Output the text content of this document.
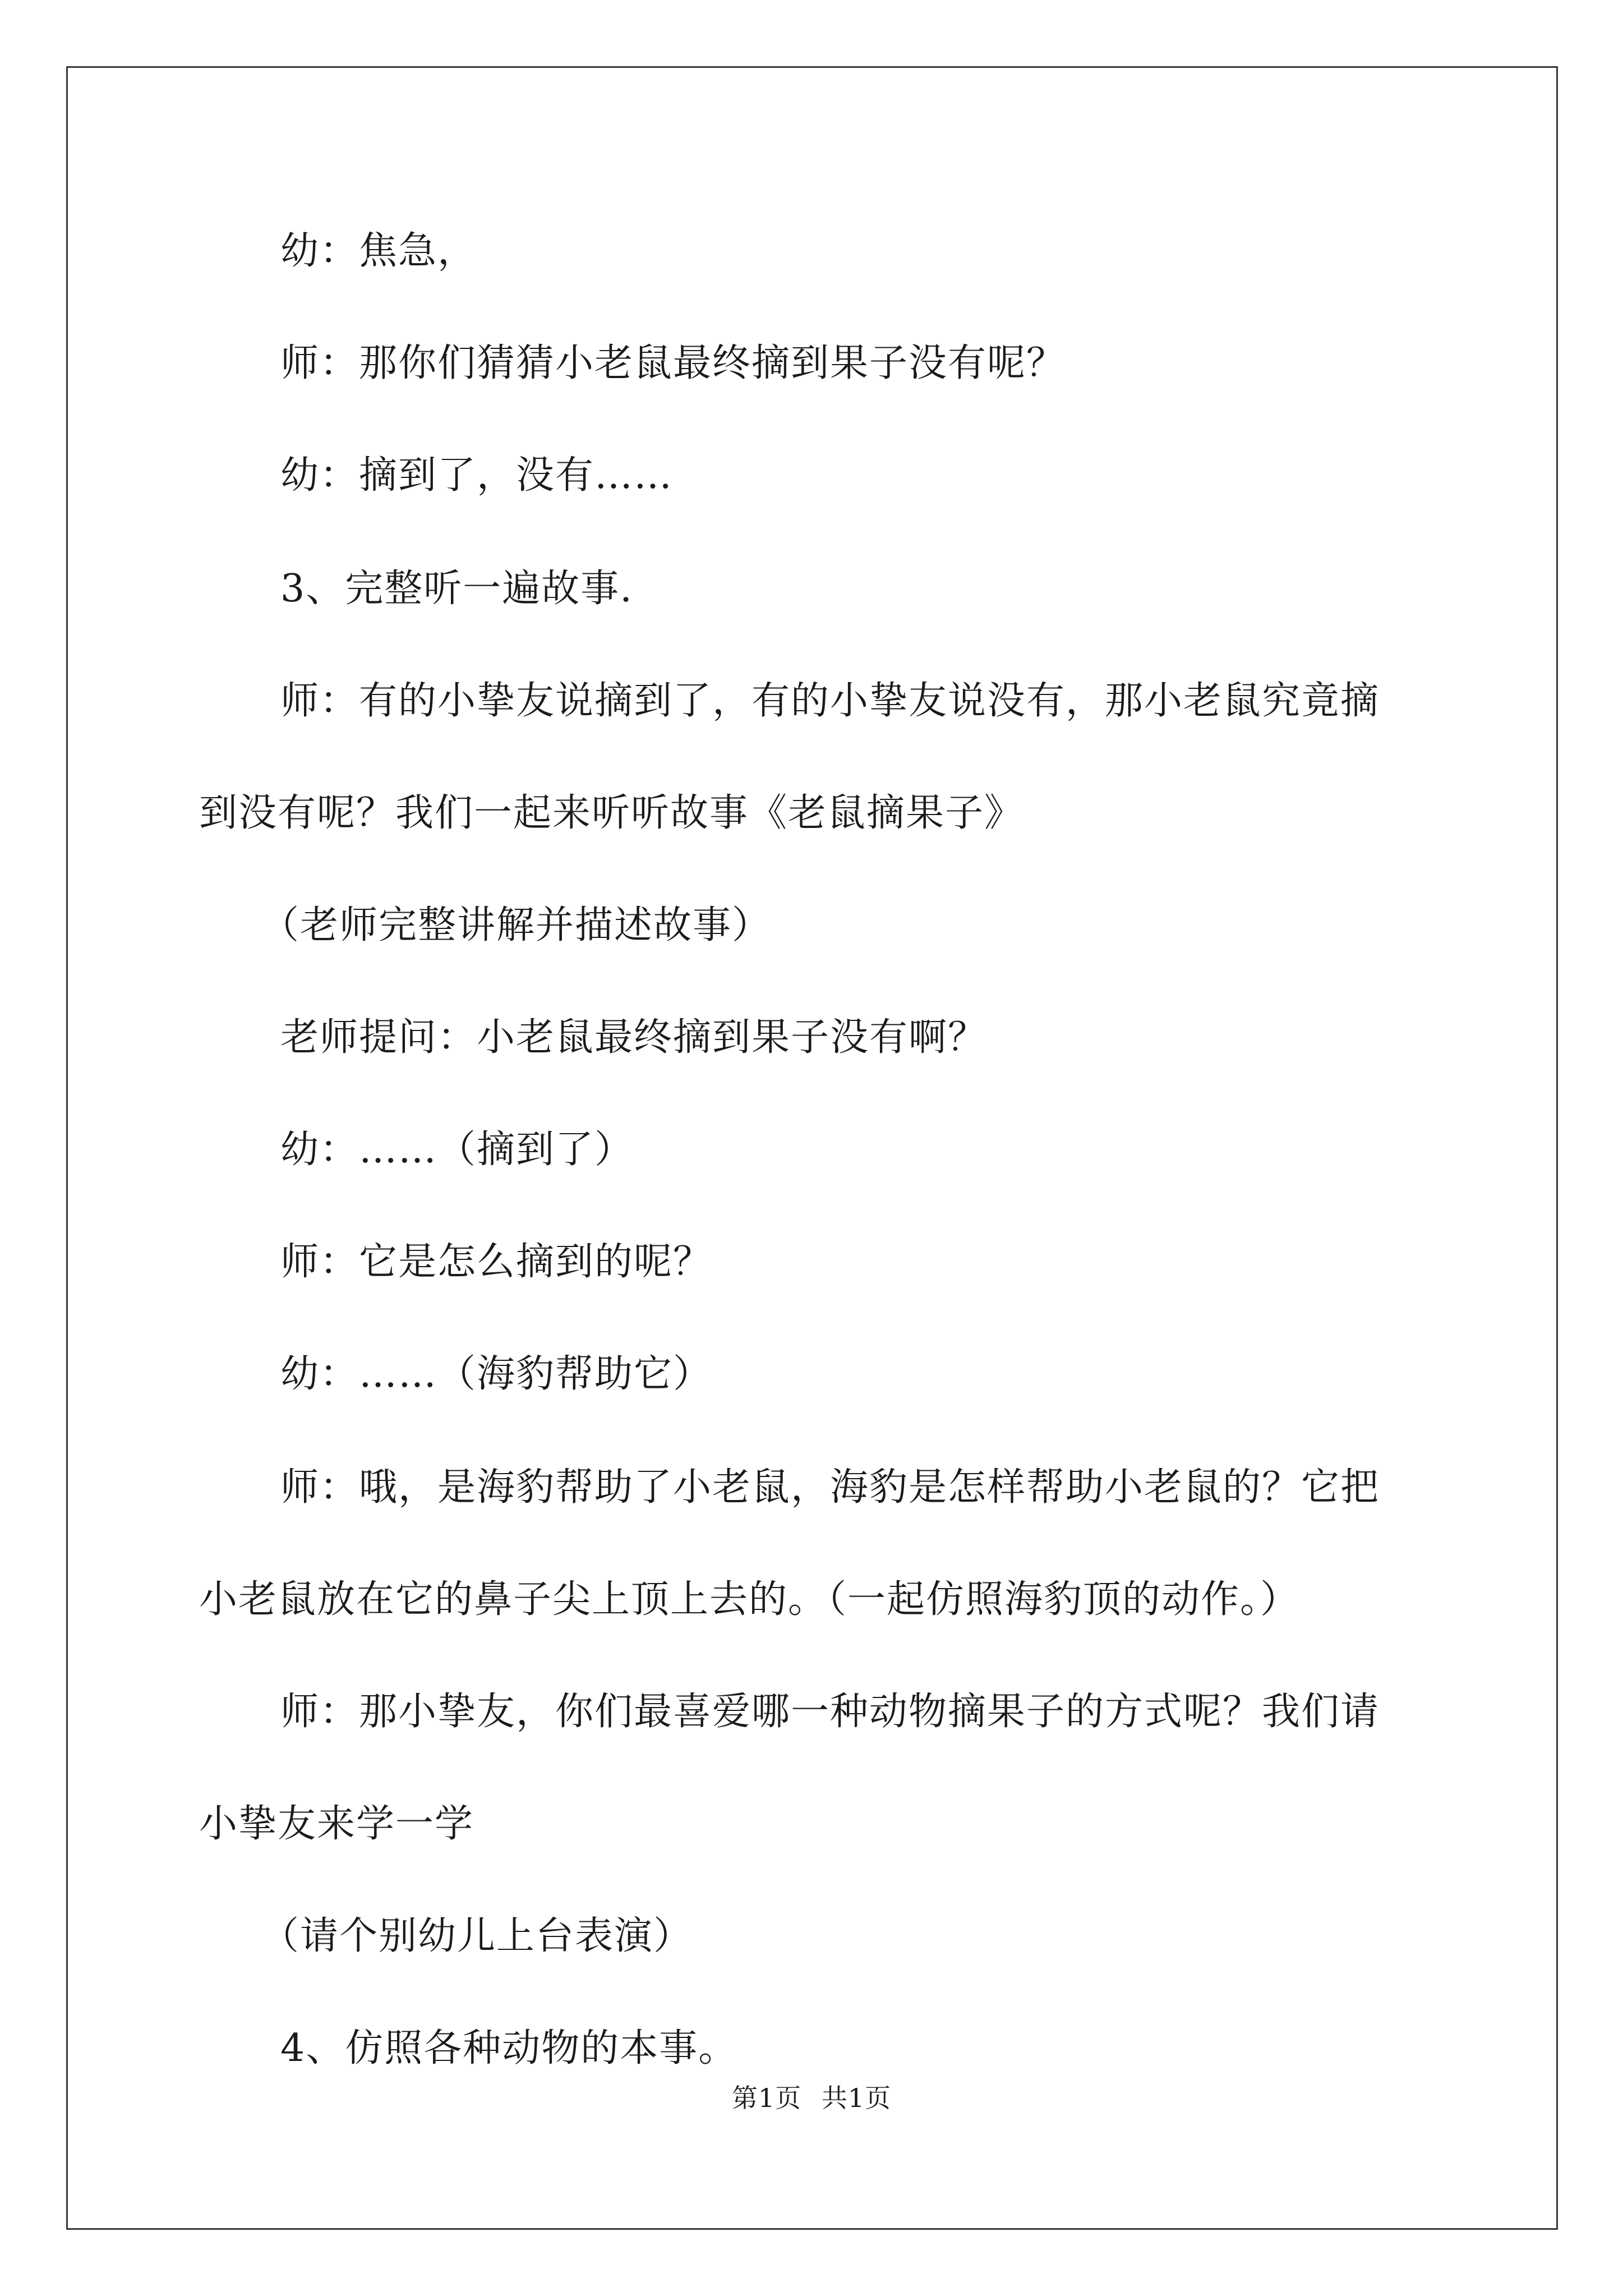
幼：焦急，

师：那你们猜猜小老鼠最终摘到果子没有呢？

幼：摘到了，没有……

3、完整听一遍故事.

师：有的小挚友说摘到了，有的小挚友说没有，那小老鼠究竟摘

到没有呢？我们一起来听听故事《老鼠摘果子》

（老师完整讲解并描述故事）

老师提问：小老鼠最终摘到果子没有啊？

幼：……（摘到了）

师：它是怎么摘到的呢？

幼：……（海豹帮助它）

师：哦，是海豹帮助了小老鼠，海豹是怎样帮助小老鼠的？它把

小老鼠放在它的鼻子尖上顶上去的。（一起仿照海豹顶的动作。）

师：那小挚友，你们最喜爱哪一种动物摘果子的方式呢？我们请

小挚友来学一学

（请个别幼儿上台表演）

4、仿照各种动物的本事。

第1页 共1页
